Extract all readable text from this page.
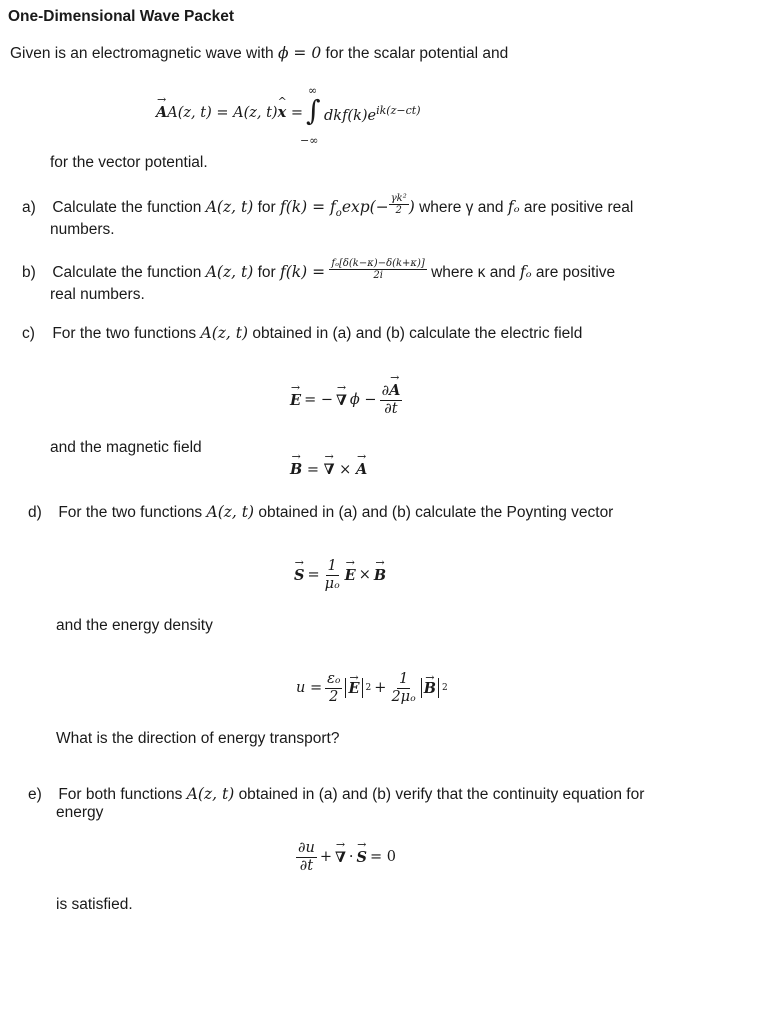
One-Dimensional Wave Packet
Given is an electromagnetic wave with ϕ = 0 for the scalar potential and
A →A(z, t) = A(z, t)x ^ =
∞
∫
−∞
$dkf(k)e^{ik(z-ct)}$
for the vector potential.
a) Calculate the function A(z, t) for $f(k) = f_o\exp(- \frac{\text{γk²}}{2}$ ) where γ and fₒ are positive real
numbers.
b) Calculate the function A(z, t) for $f(k) = \frac{\text{fₒ[δ(k−κ)−δ(k+κ)]}}{2i}$ where κ and fₒ are positive
real numbers.
c) For the two functions A(z, t) obtained in (a) and (b) calculate the electric field
E → = − ∇ → $\phi - \frac{\partial A \to}{\partial t}$
and the magnetic field
B → = ∇ → × A →
d) For the two functions A(z, t) obtained in (a) and (b) calculate the Poynting vector
S → = $\frac{1}{\text{μₒ}}$ E → × B →
and the energy density
$u = \frac{\text{εₒ}}{2}$ $E \to 2 + \frac{1}{\text{2μₒ}}$ B → 2
What is the direction of energy transport?
e) For both functions A(z, t) obtained in (a) and (b) verify that the continuity equation for
energy
$\frac{\partial u}{\partial t}$ + ∇ → · S → = 0
is satisfied.
